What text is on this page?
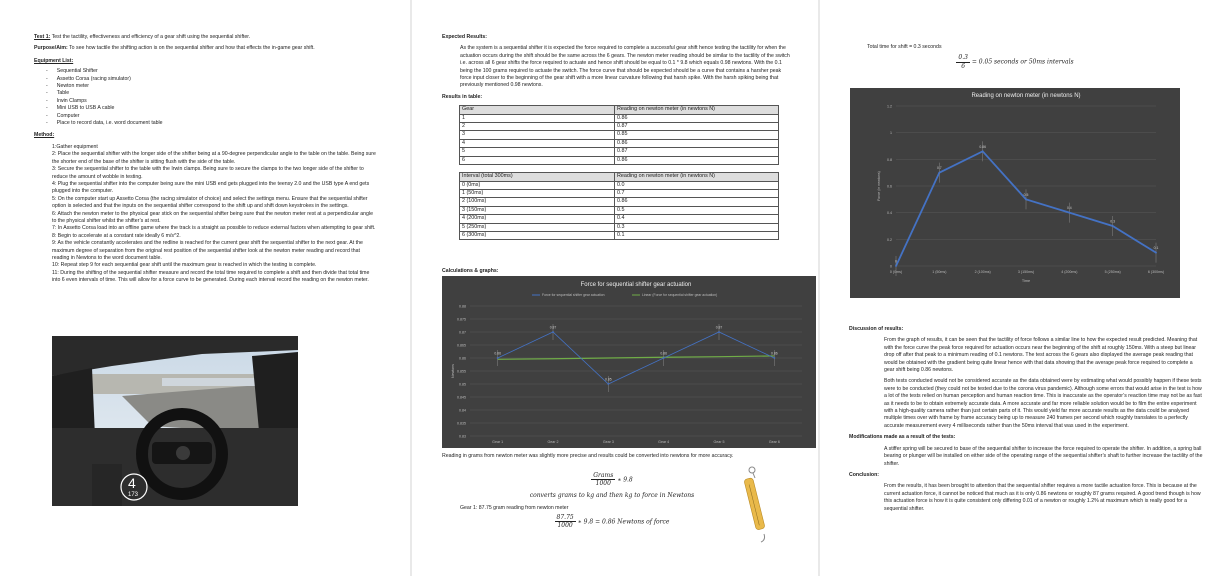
Test 1: Test the tactility, effectiveness and efficiency of a gear shift using the sequential shifter.

Purpose/Aim: To see how tactile the shifting action is on the sequential shifter and how that effects the in-game gear shift.

Equipment List:

- Sequential Shifter
- Assetto Corsa (racing simulator)
- Newton meter
- Table
- Irwin Clamps
- Mini USB to USB A cable
- Computer
- Place to record data, i.e. word document table

Method:

1:Gather equipment

2: Place the sequential shifter with the longer side of the shifter being at a 90-degree perpendicular angle to the table on the table. Being sure the shorter end of the base of the shifter is sitting flush with the side of the table.

3: Secure the sequential shifter to the table with the Irwin clamps. Being sure to secure the clamps to the two longer side of the shifter to reduce the amount of wobble in testing.

4: Plug the sequential shifter into the computer being sure the mini USB end gets plugged into the teensy 2.0 and the USB type A end gets plugged into the computer.

5: On the computer start up Assetto Corsa (the racing simulator of choice) and select the settings menu. Ensure that the sequential shifter option is selected and that the inputs on the sequential shifter correspond to the shift up and shift down keystrokes in the settings.

6: Attach the newton meter to the physical gear stick on the sequential shifter being sure that the newton meter rest at a perpendicular angle to the physical shifter whilst the shifter’s at rest.

7: In Assetto Corsa load into an offline game where the track is a straight as possible to reduce external factors when attempting to gear shift.

8: Begin to accelerate at a constant rate ideally 6 m/s^2.

9: As the vehicle constantly accelerates and the redline is reached for the current gear shift the sequential shifter to the next gear. At the maximum degree of separation from the original rest position of the sequential shifter look at the newton meter reading and record that reading in Newtons to the word document table.

10: Repeat step 9 for each sequential gear shift until the maximum gear is reached in which the testing is complete.

11: During the shifting of the sequential shifter measure and record the total time required to complete a shift and then divide that total time into 6 even intervals of time. This will allow for a force curve to be generated. During each interval record the reading on the newton meter.

4
173

Expected Results:

As the system is a sequential shifter it is expected the force required to complete a successful gear shift hence testing the tactility for when the actuation occurs during the shift should be the same across the 6 gears. The newton meter reading should be similar to the tactility of the switch i.e. across all 6 gear shifts the force required to actuate and hence shift should be equal to 0.1 * 9.8 which equals 0.98 newtons. With the 0.1 being the 100 grams required to actuate the switch. The force curve that should be expected should be a curve that contains a harsher peak force input closer to the beginning of the gear shift with a more linear curvature following that harsh spike. With the harsh spiking being that previously mentioned 0.98 newtons.

Results in table:

Gear	Reading on newton meter (in newtons N)
1	0.86
2	0.87
3	0.85
4	0.86
5	0.87
6	0.86
Interval (total 300ms)	Reading on newton meter (in newtons N)
0 (0ms)	0.0
1 (50ms)	0.7
2 (100ms)	0.86
3 (150ms)	0.5
4 (200ms)	0.4
5 (250ms)	0.3
6 (300ms)	0.1

Calculations & graphs:

Reading in grams from newton meter was slightly more precise and results could be converted into newtons for more accuracy.
$\frac{\text{Grams}}{1000}$ ∗ 9.8
converts grams to kg and then kg to force in Newtons
Gear 1: 87.75 gram reading from newton meter
$\frac{87.75}{1000}$ ∗ 9.8 = 0.86 Newtons of force
Force for sequential shifter gear actuation
0.88
0.875
0.87
0.865
0.86
0.855
0.85
0.845
0.84
0.835
0.83
Gear 1	Gear 2	Gear 3	Gear 4	Gear 5	Gear 6
Newtons
Force for sequential shifter gear actuation	Linear (Force for sequential shifter gear actuation)
0.86
0.87
0.85
0.86
0.87
0.86

Total time for shift = 0.3 seconds

$\frac{0.3}{6} = 0.05$ seconds or 50ms intervals

Discussion of results:

From the graph of results, it can be seen that the tactility of force follows a similar line to how the expected result predicted. Meaning that with the force curve the peak force required for actuation occurs near the beginning of the shift at roughly 150ms. With a steep but linear drop off after that peak to a minimum reading of 0.1 newtons. The test across the 6 gears also displayed the average peak reading that would be obtained with the gradient being quite linear hence with that data showing that the average peak force required to complete a gear shift being 0.86 newtons.

Both tests conducted would not be considered accurate as the data obtained were by estimating what would possibly happen if these tests were to be conducted (they could not be tested due to the corona virus pandemic). Although some errors that would arise in the test is how a lot of the tests relied on human perception and human reaction time. This is inaccurate as the operator’s reaction time may not be as fast as it needs to be to obtain extremely accurate data. A more accurate and far more reliable solution would be to film the entire experiment with a high-quality camera rather than just certain parts of it. This would yield far more accurate results as the data could be analysed multiple times over with frame by frame accuracy being up to measure 240 frames per second which roughly translates to a perfectly accurate measurement every 4 milliseconds rather than the 50ms interval that was used in the experiment.

Modifications made as a result of the tests:

A stiffer spring will be secured to base of the sequential shifter to increase the force required to operate the shifter. In addition, a spring ball bearing or plunger will be installed on either side of the operating range of the sequential shifter’s shaft to further increase the tactility of the shifter.

Conclusion:

From the results, it has been brought to attention that the sequential shifter requires a more tactile actuation force. This is because at the current actuation force, it cannot be noticed that much as it is only 0.86 newtons or roughly 87 grams required. A good trend though is how this actuation force is how it is quite consistent only differing 0.01 of a newton or roughly 1.2% at maximum which is really good for a sequential shifter.

Reading on newton meter (in newtons N)
1.2
1
0.8
0.6
0.4
0.2
0
0 (0ms)	1 (50ms)	2 (100ms)	3 (150ms)	4 (200ms)	5 (250ms)	6 (300ms)
Force (in newtons)
Time
0
0.7
0.86
0.5
0.4
0.3
0.1
